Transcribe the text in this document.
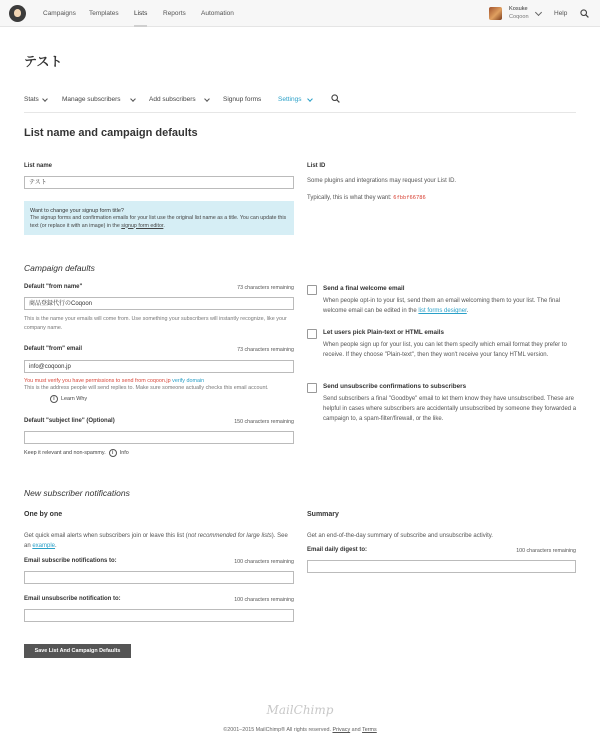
Campaigns Templates Lists Reports Automation
Kosuke
Coqoon	Help
テスト
Stats	Manage subscribers	Add subscribers	Signup forms	Settings
List name and campaign defaults
List name
テスト
Want to change your signup form title?
The signup forms and confirmation emails for your list use the original list name as a title. You can update this text (or replace it with an image) in the signup form editor.
List ID
Some plugins and integrations may request your List ID.
Typically, this is what they want: 6fbbf66786
Campaign defaults
Default "from name"	73 characters remaining
商品登録代行のCoqoon
This is the name your emails will come from. Use something your subscribers will instantly recognize, like your company name.
Default "from" email	73 characters remaining
info@coqoon.jp
You must verify you have permissions to send from coqoon.jp verify domain
This is the address people will send replies to. Make sure someone actually checks this email account.
i	Learn Why
Default "subject line" (Optional)	150 characters remaining
Keep it relevant and non-spammy.	i	Info
Send a final welcome email
When people opt-in to your list, send them an email welcoming them to your list. The final welcome email can be edited in the list forms designer.
Let users pick Plain-text or HTML emails
When people sign up for your list, you can let them specify which email format they prefer to receive. If they choose "Plain-text", then they won't receive your fancy HTML version.
Send unsubscribe confirmations to subscribers
Send subscribers a final "Goodbye" email to let them know they have unsubscribed. These are helpful in cases where subscribers are accidentally unsubscribed by someone they forwarded a campaign to, a spam-filter/firewall, or the like.
New subscriber notifications
One by one
Get quick email alerts when subscribers join or leave this list (not recommended for large lists). See an example.
Email subscribe notifications to:	100 characters remaining
Email unsubscribe notification to:	100 characters remaining
Summary
Get an end-of-the-day summary of subscribe and unsubscribe activity.
Email daily digest to:	100 characters remaining
Save List And Campaign Defaults
MailChimp
©2001–2015 MailChimp® All rights reserved. Privacy and Terms
